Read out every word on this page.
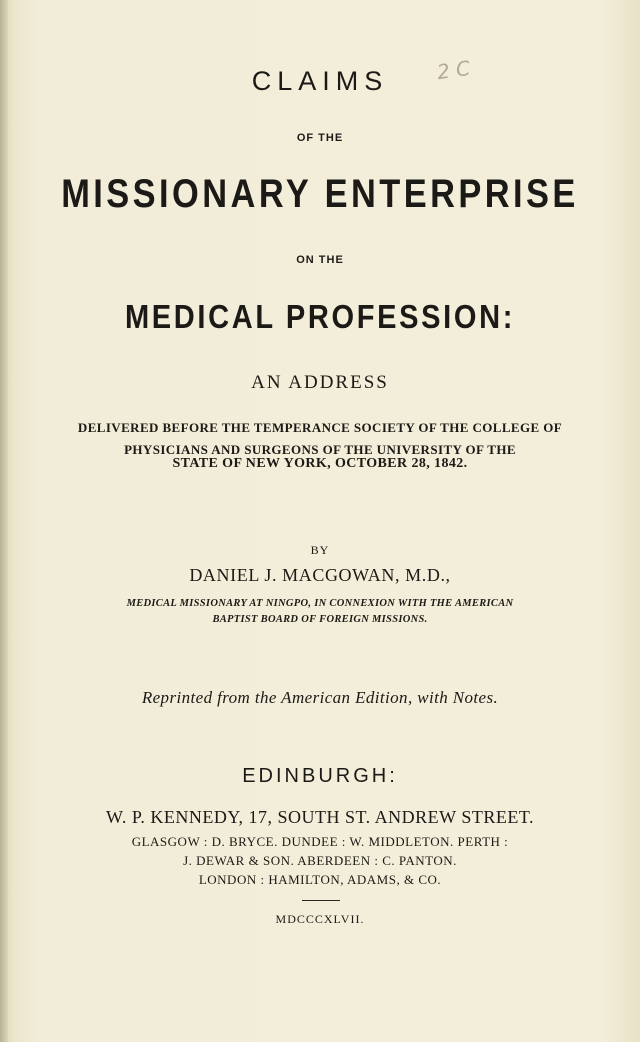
2 C
CLAIMS
OF THE
MISSIONARY ENTERPRISE
ON THE
MEDICAL PROFESSION:
AN ADDRESS
DELIVERED BEFORE THE TEMPERANCE SOCIETY OF THE COLLEGE OF
PHYSICIANS AND SURGEONS OF THE UNIVERSITY OF THE
STATE OF NEW YORK, OCTOBER 28, 1842.
BY
DANIEL J. MACGOWAN, M.D.,
MEDICAL MISSIONARY AT NINGPO, IN CONNEXION WITH THE AMERICAN
BAPTIST BOARD OF FOREIGN MISSIONS.
Reprinted from the American Edition, with Notes.
EDINBURGH:
W. P. KENNEDY, 17, SOUTH ST. ANDREW STREET.
GLASGOW : D. BRYCE. DUNDEE : W. MIDDLETON. PERTH :
J. DEWAR & SON. ABERDEEN : C. PANTON.
LONDON : HAMILTON, ADAMS, & CO.
MDCCCXLVII.
